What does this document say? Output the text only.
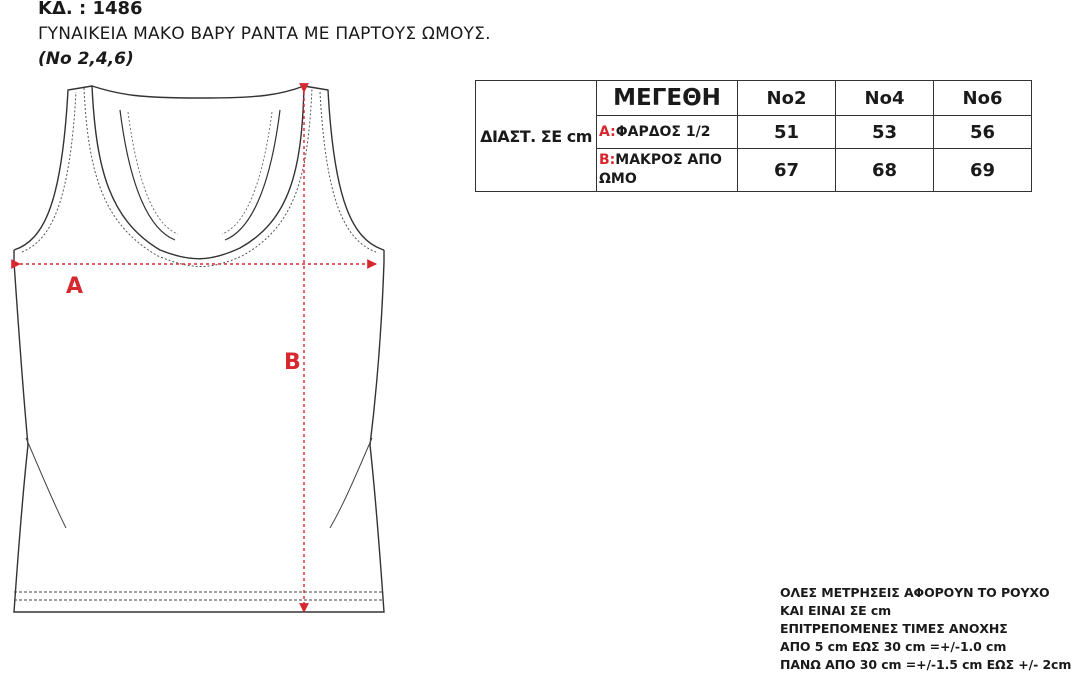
ΚΔ. : 1486
ΓΥΝΑΙΚΕΙΑ ΜΑΚΟ ΒΑΡΥ ΡΑΝΤΑ ΜΕ ΠΑΡΤΟΥΣ ΩΜΟΥΣ.
(Νο 2,4,6)
A
B
ΔΙΑΣΤ. ΣΕ cm	ΜΕΓΕΘΗ	Νο2	Νο4	Νο6
	A:ΦΑΡΔΟΣ 1/2	51	53	56
	B:ΜΑΚΡΟΣ ΑΠΟ ΩΜΟ	67	68	69
ΟΛΕΣ ΜΕΤΡΗΣΕΙΣ ΑΦΟΡΟΥΝ ΤΟ ΡΟΥΧΟ
ΚΑΙ ΕΙΝΑΙ ΣΕ cm
ΕΠΙΤΡΕΠΟΜΕΝΕΣ ΤΙΜΕΣ ΑΝΟΧΗΣ
ΑΠΟ 5 cm ΕΩΣ 30 cm =+/-1.0 cm
ΠΑΝΩ ΑΠΟ 30 cm =+/-1.5 cm ΕΩΣ +/- 2cm
